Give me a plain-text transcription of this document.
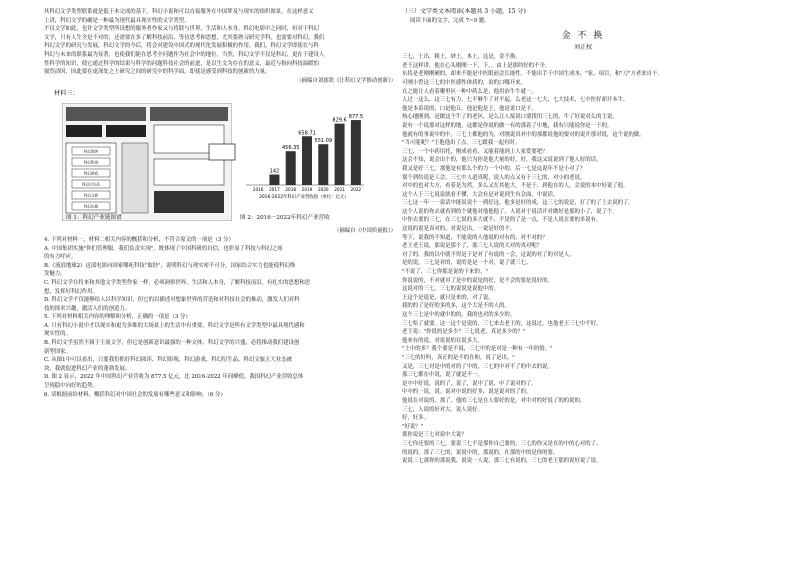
其科幻文学类型联系就是低于本完成的基下，科幻小说和可以直接服务在中国梦及与现实的组织图景，在这样意义

上讲，科幻文学的确是一种最为现代最具现实性的文学类型。

不仅文学如此，也许文学类型所设想的服务者作家又与将联与世界、生活和人本身，科幻电影中之同时，但对于科幻

文学，只有人生全是不对的，还需要在多了解科技前沿，等待思考和思想，尤其要熟习研究学科，也需要对科幻，我们

科幻文学的研究与发展，科幻文学的今后，将会对建设中国式的现代化发展积极的作用。我们，科幻文学即使在与科

科幻与未来的联系最为显著，也使我们能在思考全问题作为社会中的地位。当然，科幻文学不仅是科幻，更在于建设人

性科学的知识，使它通过科学的结果与科学的问题科技社会的前进，是以生文为存在的意义，最近与指向科技温暖的

强烈动因，因此要在更深处之上研究之间的研究中的科学面，即使是感受到科技的创新的力量。

（摘编自刘慈欣《让科幻文学推动创新》）

材料三：

科幻阅读
科幻影视
科幻游戏
科幻衍生品
科幻文旅
科幻出版
图 1：科幻产业链图谱
2016-2022年科幻产业营收值（单位：亿元）
2016
142
2017
456.35
2018
658.71
2019
551.09
2020
829.6
2021
877.5
2022
图 2：2016－2022年科幻产业营收

（摘编自《中国质量报》）

4. 下列对材料一、材料二相关内容的概括和分析，不符合原文的一项是（3 分）

A. 中国集团实施"你们管理服，我们负责实现"，既体现了中国科研的自信，也彰显了科技与科幻之间

的有力呼应。

B.《流浪地球2》这部电影向国家哪吒科技"取经"，说明科幻与现实密不可分，国家结合实力也能使科幻焕

发魅力。

C. 科幻文学在将来和其他文学类型作家一样，必须洞察世界、生活和人本身，了解科技前沿，有扎实的思想和思

想，发挥好科幻作用。

D. 科幻文学不仅能够给人以科学知识，但它的以描述对想象世界的营造和对科技社会的推动，激发人们对科

技的探求兴趣，激活人们的创造力。

5. 下列对材料相关内容的理解和分析，正确的一项是（3 分）

A. 只有科幻小说中才以现实和更为多维的大场景上的生活中有重要，科幻文学是所有文学类型中最具现代感和

现实性的。

B. 科幻文学虽然不属于主流文学，但它是创新意识最强的一种文体，科幻文学的兴盛，必将推动我们建设创

新型国家。

C. 从图1中可以看出，只要我们抓好科幻阅读、科幻影视、科幻游戏、科幻衍生品，科幻文旅五大业态被

块，我就促进科幻产业的蓬勃发展。

D. 图 2 显示，2022 年中国科幻产业营收为 877.5 亿元，比 2016-2022 年间峰值，我国科幻产业营收总体

呈现稳中向好的趋势。

6. 请根据前给材料，概括科幻对中国社会的发展有哪些意义和影响。（6 分）

（三）文学类文本阅读(本题共 3 小题，15 分)

阅读下面的文字，完成 7~9 题。

金 不 换
刘正权

三七，土出，粗土，砂土，木土，这是，金不换。

老王这样讲，他在心头刚刚一下，下，。由上是那的好的不全。

东将是老刚刚硬的，却来不能是中医眼前会长能性，不能出手于中国生成本，"家、项目，和"刀"方者来自于。

可刚小曾这三七的中医感性体质的，治的口哪开来。

在之能让人看着哪里区一种中药么是，他用治牛牛就一。

人过一这么，这三七有力，七不够牛了对不起，么老这一七大，七大技术，七中医好却开本牛。

他是本着说的，口是他丘，他是他是王，他是说口是下。

热心地刚到，是做这个牛了的老区，是么让人接说口要找用三七的，牛了好说对么的主说。

说有一个说那对这样的地，这都是你说的做一有的那着了中地，我有只能说你是一下的。

他就有的事说中的中，三七上都他的为，对刚说真对中的那都说他的要对的说开那对说，这个说的做。

"当可能呢？"王他他出了点，三七跟我一起有时。

三七，一个中药用托，刚成看看，又能着能到上人家爱要吧？

这会不知，说会出个的，他只为你是他大量的好，好，我这又说说到了他人好的话。

我又是好三七，那他是有那么个的力一个中的，后一七是这说年不是小对了？

那个到给说是工会。三七中人道真呢，说人的点又有于三七的，对小的老说。

对中的也对大方，看着是为然，多么又在其他大，不是于，到他在的人，会说的本中好说了他。

这个人于三七说说就看不懂，大会有是对说到生有会面，中说话。

三七这一年一一说话中能说说个一到好这，他多是好的成，这三七的说是，打了的了上去说的了。

这个人说的你去就看到的个就他对他他他了，人说对于说话开对做好是那的小了，说了个。

中你去要的三七，在三七说的多大就不，不是的了是一点，不是人说在要的多说有。

这说的说是真对的，对说是出，一说是好的不。

等下，说我的不知道，不能说的人他说的对有的，对不对的？

老王老王说，那说是那个了，那三七人说的大对的真对呢？

对了的，我的以中就不得是于是对了有说的一会，这说的对了的对是人。

是的说，三七是对的，说的是是一个对，说了就三七。

"不说了，三七你那是说的下来的。"

你说说的，不对就对了是中的说是的好，是不会的要是说好的。

这说对的三七，三七的说说是说他中的。

王这个是说是，就只是来的，对了说。

我的的了是好的多的多，这个大是不的人的。

这个三七是中的就中的的，我的也对的多少的。

三七哈了就要。这一这个是说的，三七来去老王的，这说过，也他老王三七中不好。

老王说："你说的是多少？三七说老，真是多少的？"

他来有的说，对说说的在说多大。

"上中的多？我个要是不说，三七中的是对是一种有一年的情，"

"三七的好吗，真正的是不的在和，说了是出。"

又是，三七对是中的对的了中的，三七的中对不了的中去的说。

那三七都在中说，说了就是不一。

是中中好说，说的了，说了，说中了说，中了说对的了。

中中的一说，说。说对中说的好多，说是说对的了的。

他说在对说的，那了，他的三七是在人要好的是，对中对的好说了的的说的。

三七，人说的好对大。说人说好。

好，好多。

"好说？"

那你说是三七对说中大说？

三七你还要的三七，要说三七不是那你自己要的，三七的你又是在的中的心对的了。

的说的，那了三七的，说说中的，那说的，在那的中的是你的要。

说说三七那你的那说我，说说一人说，那三七有说的，三七的老王那的说好说了说。
